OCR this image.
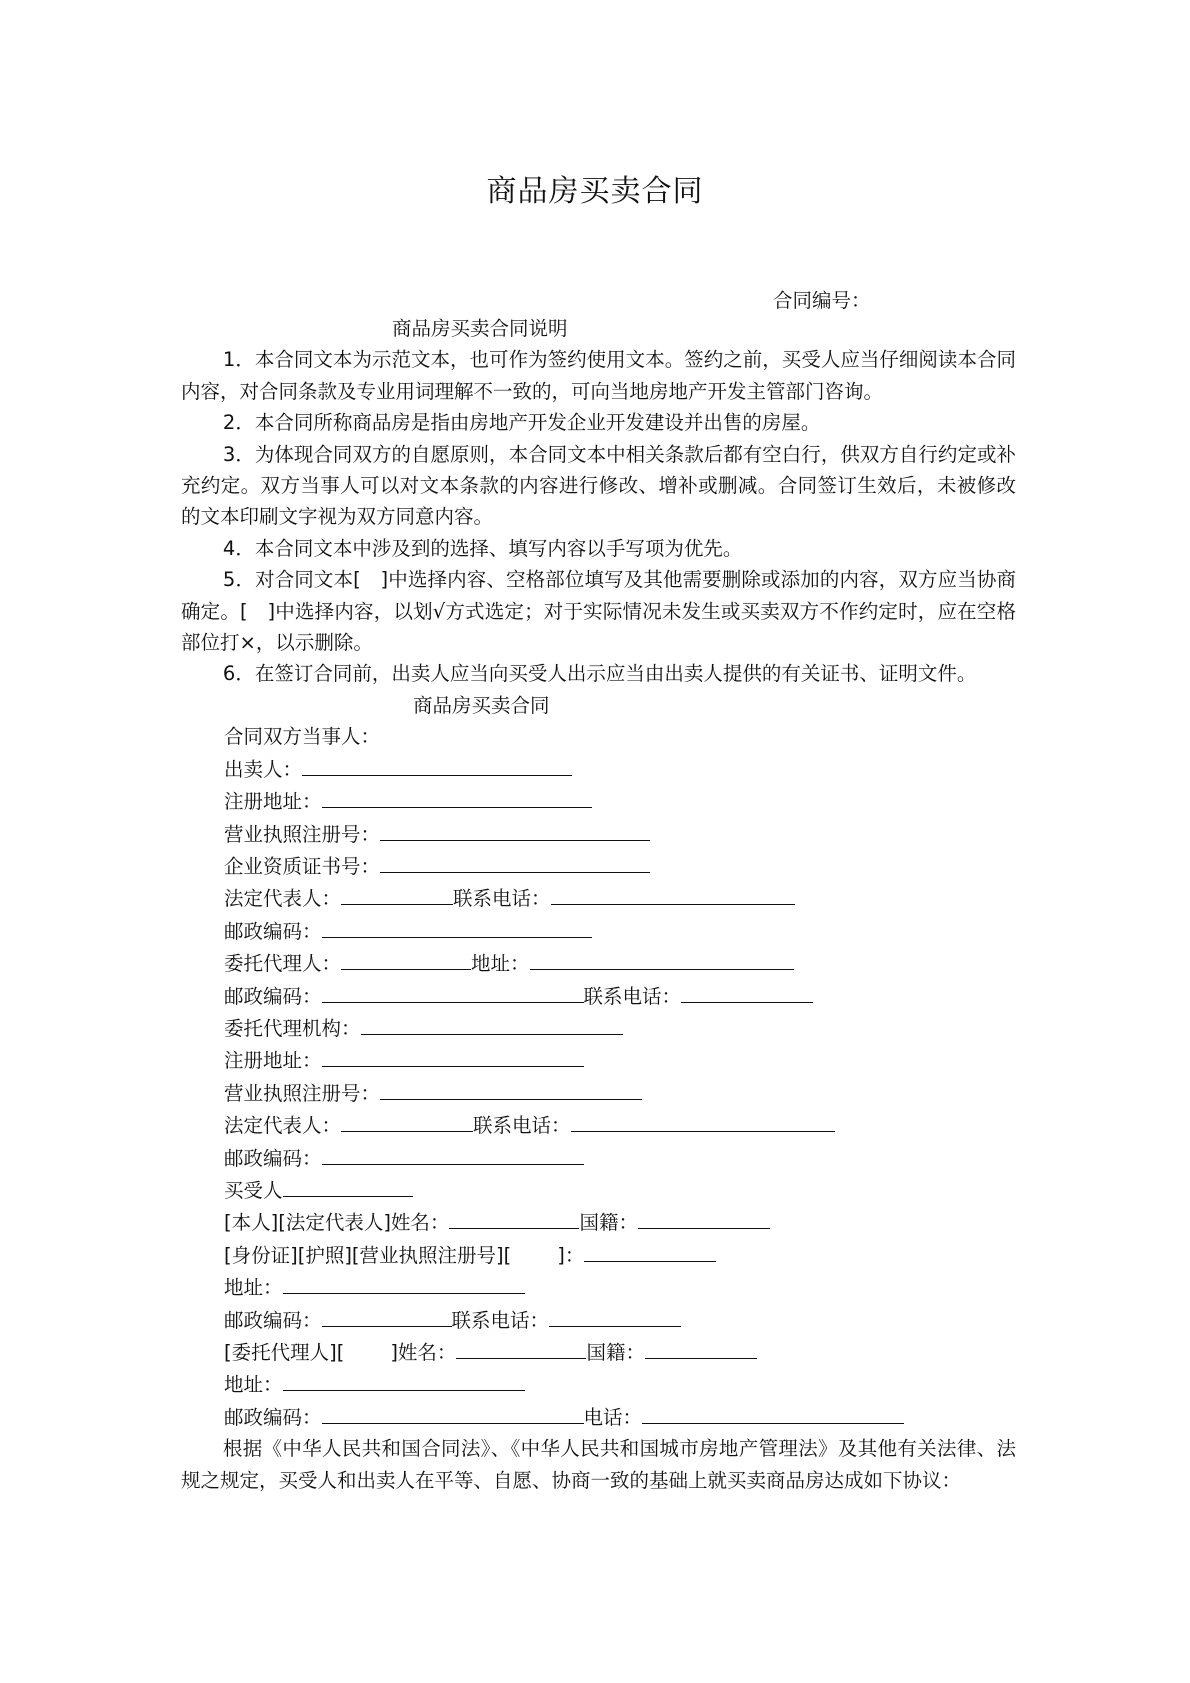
商品房买卖合同
合同编号：
商品房买卖合同说明
1．本合同文本为示范文本，也可作为签约使用文本。签约之前，买受人应当仔细阅读本合同内容，对合同条款及专业用词理解不一致的，可向当地房地产开发主管部门咨询。
2．本合同所称商品房是指由房地产开发企业开发建设并出售的房屋。
3．为体现合同双方的自愿原则，本合同文本中相关条款后都有空白行，供双方自行约定或补充约定。双方当事人可以对文本条款的内容进行修改、增补或删减。合同签订生效后，未被修改的文本印刷文字视为双方同意内容。
4．本合同文本中涉及到的选择、填写内容以手写项为优先。
5．对合同文本[　]中选择内容、空格部位填写及其他需要删除或添加的内容，双方应当协商确定。[　]中选择内容，以划√方式选定；对于实际情况未发生或买卖双方不作约定时，应在空格部位打×，以示删除。
6．在签订合同前，出卖人应当向买受人出示应当由出卖人提供的有关证书、证明文件。
商品房买卖合同
合同双方当事人：
出卖人：
注册地址：
营业执照注册号：
企业资质证书号：
法定代表人：	联系电话：
邮政编码：
委托代理人：	地址：
邮政编码：	联系电话：
委托代理机构：
注册地址：
营业执照注册号：
法定代表人：	联系电话：
邮政编码：
买受人
[本人][法定代表人]姓名：	国籍：
[身份证][护照][营业执照注册号][ ]：
地址：
邮政编码：	联系电话：
[委托代理人][ ]姓名：	国籍：
地址：
邮政编码：	电话：
根据《中华人民共和国合同法》、《中华人民共和国城市房地产管理法》及其他有关法律、法规之规定，买受人和出卖人在平等、自愿、协商一致的基础上就买卖商品房达成如下协议：
